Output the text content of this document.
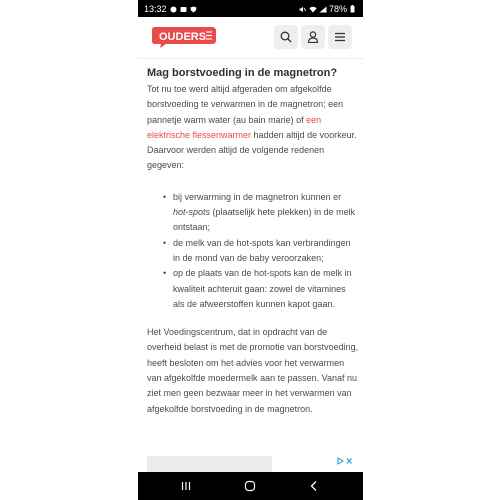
13:32	78%
OUDERS
Mag borstvoeding in de magnetron?

Tot nu toe werd altijd afgeraden om afgekolfde borstvoeding te verwarmen in de magnetron; een pannetje warm water (au bain marie) of een elektrische flessenwarmer hadden altijd de voorkeur. Daarvoor werden altijd de volgende redenen gegeven:

• bij verwarming in de magnetron kunnen er hot-spots (plaatselijk hete plekken) in de melk ontstaan;
• de melk van de hot-spots kan verbrandingen in de mond van de baby veroorzaken;
• op de plaats van de hot-spots kan de melk in kwaliteit achteruit gaan: zowel de vitamines als de afweerstoffen kunnen kapot gaan.

Het Voedingscentrum, dat in opdracht van de overheid belast is met de promotie van borstvoeding, heeft besloten om het advies voor het verwarmen van afgekolfde moedermelk aan te passen. Vanaf nu ziet men geen bezwaar meer in het verwarmen van afgekolfde borstvoeding in de magnetron.
